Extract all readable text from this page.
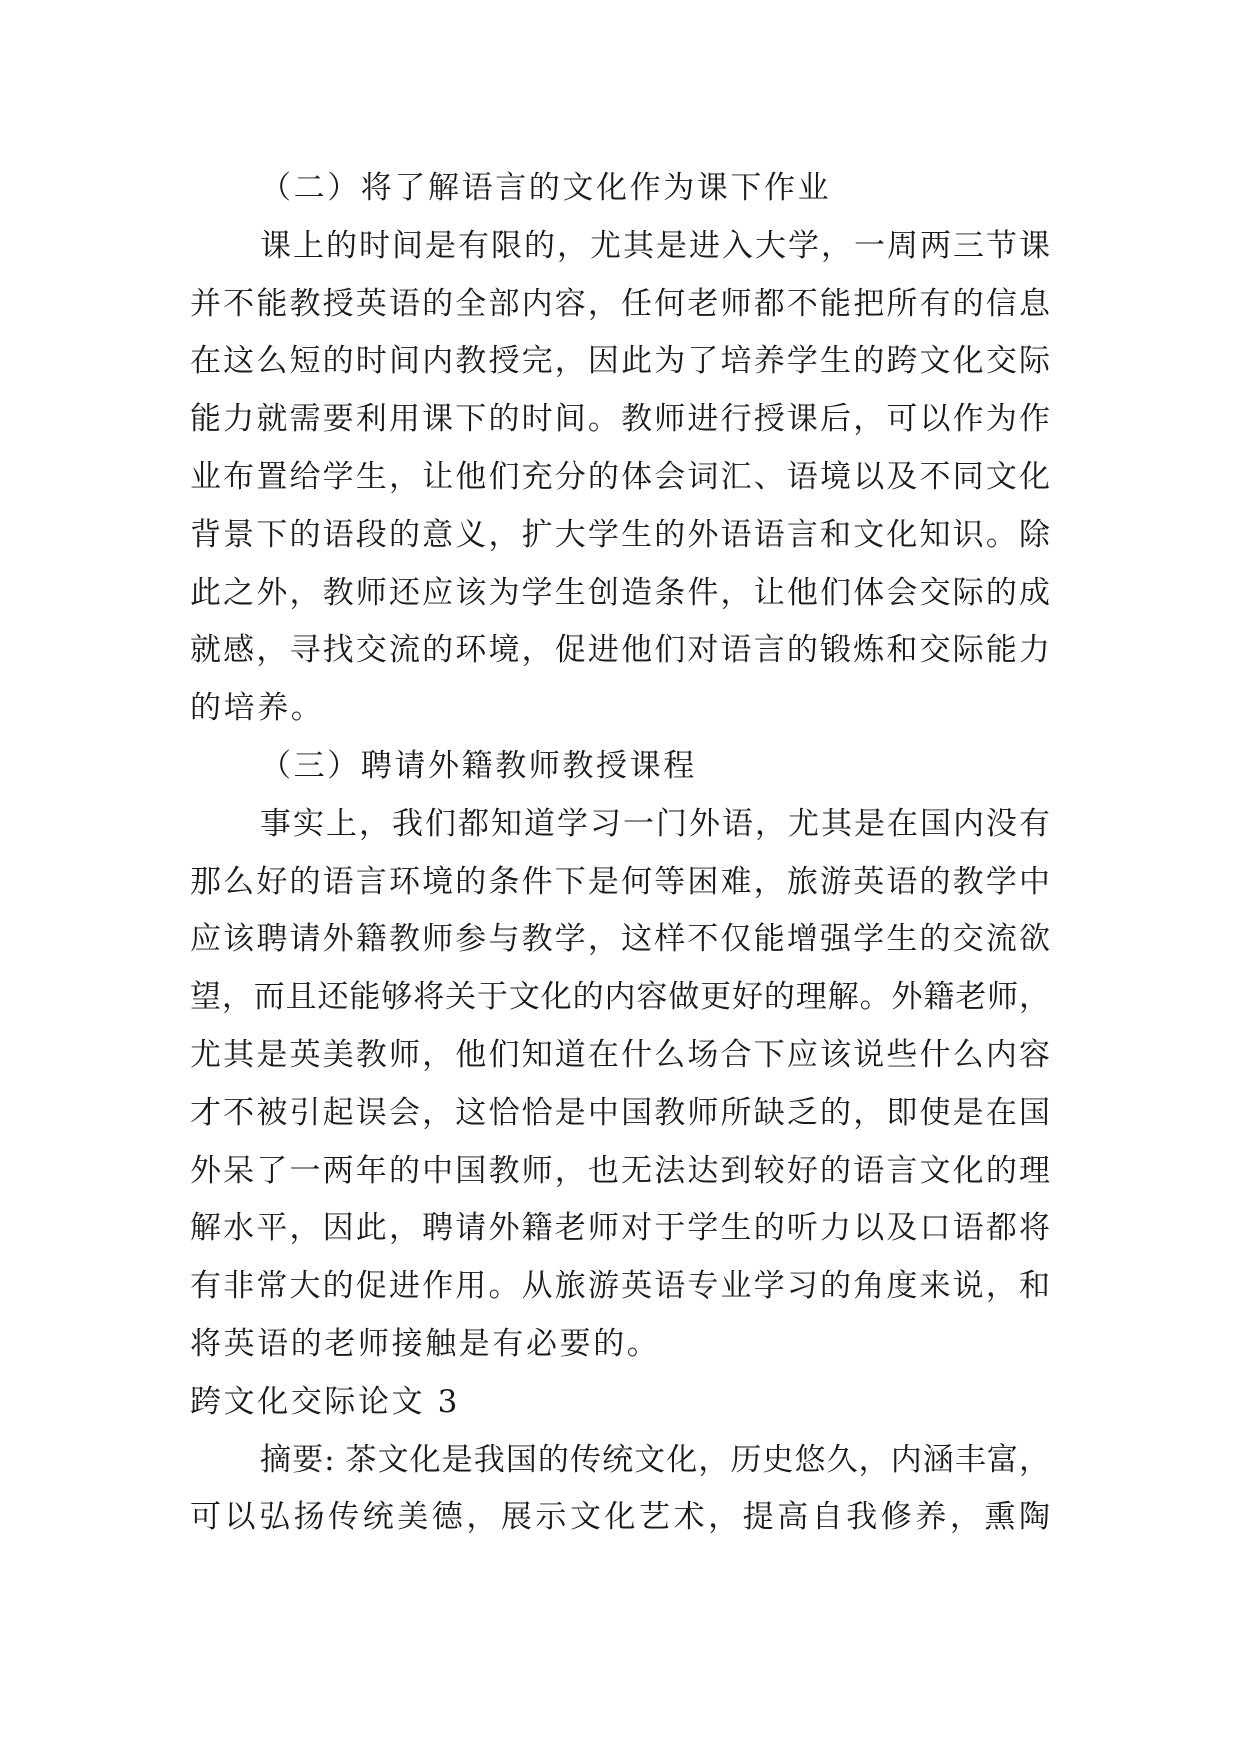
（二）将了解语言的文化作为课下作业
课上的时间是有限的，尤其是进入大学，一周两三节课
并不能教授英语的全部内容，任何老师都不能把所有的信息
在这么短的时间内教授完，因此为了培养学生的跨文化交际
能力就需要利用课下的时间。教师进行授课后，可以作为作
业布置给学生，让他们充分的体会词汇、语境以及不同文化
背景下的语段的意义，扩大学生的外语语言和文化知识。除
此之外，教师还应该为学生创造条件，让他们体会交际的成
就感，寻找交流的环境，促进他们对语言的锻炼和交际能力
的培养。
（三）聘请外籍教师教授课程
事实上，我们都知道学习一门外语，尤其是在国内没有
那么好的语言环境的条件下是何等困难，旅游英语的教学中
应该聘请外籍教师参与教学，这样不仅能增强学生的交流欲
望，而且还能够将关于文化的内容做更好的理解。外籍老师，
尤其是英美教师，他们知道在什么场合下应该说些什么内容
才不被引起误会，这恰恰是中国教师所缺乏的，即使是在国
外呆了一两年的中国教师，也无法达到较好的语言文化的理
解水平，因此，聘请外籍老师对于学生的听力以及口语都将
有非常大的促进作用。从旅游英语专业学习的角度来说，和
将英语的老师接触是有必要的。
跨文化交际论文 3
摘要: 茶文化是我国的传统文化，历史悠久，内涵丰富，
可以弘扬传统美德，展示文化艺术，提高自我修养，熏陶
